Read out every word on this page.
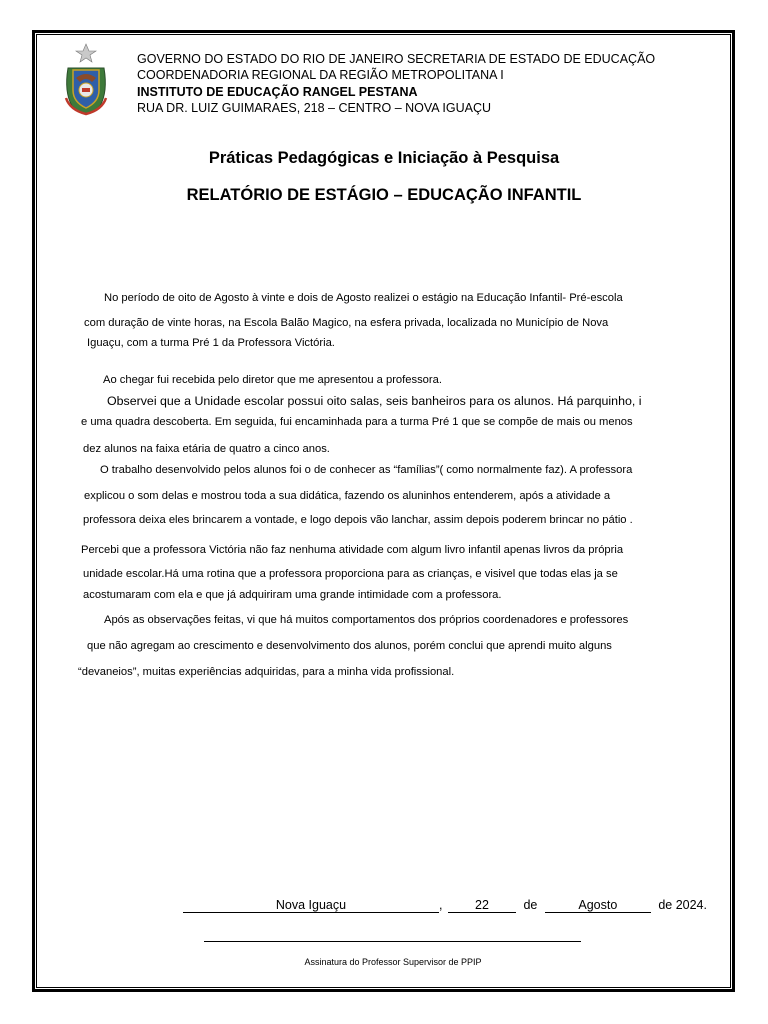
GOVERNO DO ESTADO DO RIO DE JANEIRO SECRETARIA DE ESTADO DE EDUCAÇÃO
COORDENADORIA REGIONAL DA REGIÃO METROPOLITANA I
INSTITUTO DE EDUCAÇÃO RANGEL PESTANA
RUA DR. LUIZ GUIMARAES, 218 – CENTRO – NOVA IGUAÇU
Práticas Pedagógicas e Iniciação à Pesquisa
RELATÓRIO DE ESTÁGIO – EDUCAÇÃO INFANTIL
No período de oito de Agosto à vinte e dois de Agosto realizei o estágio na Educação Infantil- Pré-escola
com duração de vinte horas, na Escola Balão Magico, na esfera privada, localizada no Município de Nova
Iguaçu, com a turma Pré 1 da Professora Victória.
Ao chegar fui recebida pelo diretor que me apresentou a professora.
Observei que a Unidade escolar possui oito salas, seis banheiros para os alunos. Há parquinho, i
e uma quadra descoberta. Em seguida, fui encaminhada para a turma Pré 1 que se compõe de mais ou menos
dez alunos na faixa etária de quatro a cinco anos.
O trabalho desenvolvido pelos alunos foi o de conhecer as “famílias”( como normalmente faz). A professora
explicou o som delas e mostrou toda a sua didática, fazendo os aluninhos entenderem, após a atividade a
professora deixa eles brincarem a vontade, e logo depois vão lanchar, assim depois poderem brincar no pátio .
Percebi que a professora Victória não faz nenhuma atividade com algum livro infantil apenas livros da própria
unidade escolar.Há uma rotina que a professora proporciona para as crianças, e visivel que todas elas ja se
acostumaram com ela e que já adquiriram uma grande intimidade com a professora.
Após as observações feitas, vi que há muitos comportamentos dos próprios coordenadores e professores
que não agregam ao crescimento e desenvolvimento dos alunos, porém conclui que aprendi muito alguns
“devaneios”, muitas experiências adquiridas, para a minha vida profissional.
Nova Iguaçu	,	22	de	Agosto	de 2024.
Assinatura do Professor Supervisor de PPIP
